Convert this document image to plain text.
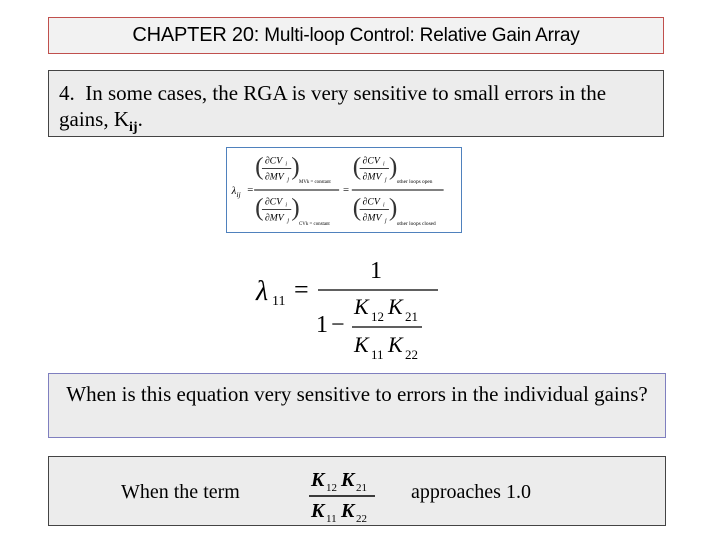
CHAPTER 20:
Multi-loop Control: Relative Gain Array
4. In some cases, the RGA is very sensitive to small errors in the gains, $K_{ij}$.
$\lambda_{ij}$ =
( ∂CV i
∂MV j )
MV k = constant
( ∂CV i
∂MV j )
CV k = constant
=
( ∂CV i
∂MV j )
other loops open
( ∂CV i
∂MV j )
other loops closed
λ 11 =
1
1 −
K 12 K 21
K 11 K 22
When is this equation very sensitive to errors in the individual gains?
When the term
K 12 K 21
K 11 K 22
approaches 1.0
